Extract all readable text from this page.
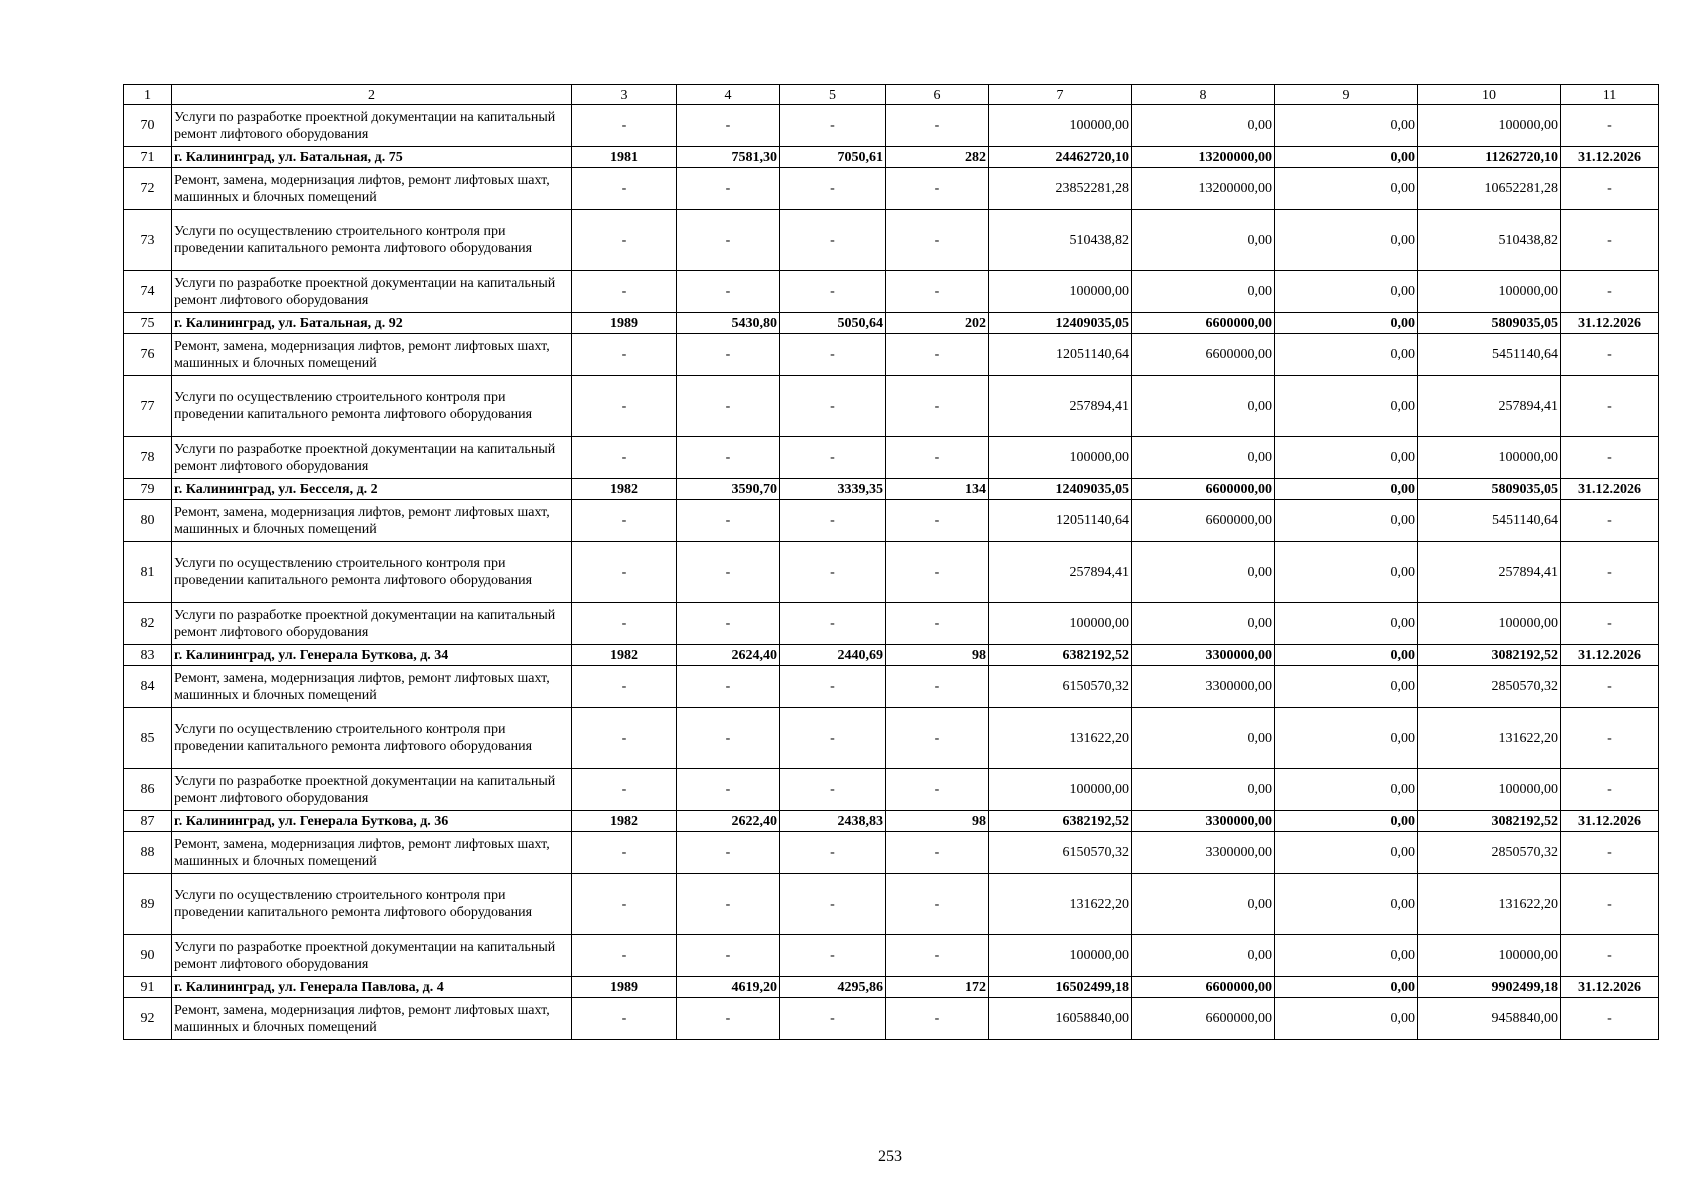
1	2	3	4	5	6	7	8	9	10	11
70	Услуги по разработке проектной документации на капитальный ремонт лифтового оборудования	-	-	-	-	100000,00	0,00	0,00	100000,00	-
71	г. Калининград, ул. Батальная, д. 75	1981	7581,30	7050,61	282	24462720,10	13200000,00	0,00	11262720,10	31.12.2026
72	Ремонт, замена, модернизация лифтов, ремонт лифтовых шахт, машинных и блочных помещений	-	-	-	-	23852281,28	13200000,00	0,00	10652281,28	-
73	Услуги по осуществлению строительного контроля при проведении капитального ремонта лифтового оборудования	-	-	-	-	510438,82	0,00	0,00	510438,82	-
74	Услуги по разработке проектной документации на капитальный ремонт лифтового оборудования	-	-	-	-	100000,00	0,00	0,00	100000,00	-
75	г. Калининград, ул. Батальная, д. 92	1989	5430,80	5050,64	202	12409035,05	6600000,00	0,00	5809035,05	31.12.2026
76	Ремонт, замена, модернизация лифтов, ремонт лифтовых шахт, машинных и блочных помещений	-	-	-	-	12051140,64	6600000,00	0,00	5451140,64	-
77	Услуги по осуществлению строительного контроля при проведении капитального ремонта лифтового оборудования	-	-	-	-	257894,41	0,00	0,00	257894,41	-
78	Услуги по разработке проектной документации на капитальный ремонт лифтового оборудования	-	-	-	-	100000,00	0,00	0,00	100000,00	-
79	г. Калининград, ул. Бесселя, д. 2	1982	3590,70	3339,35	134	12409035,05	6600000,00	0,00	5809035,05	31.12.2026
80	Ремонт, замена, модернизация лифтов, ремонт лифтовых шахт, машинных и блочных помещений	-	-	-	-	12051140,64	6600000,00	0,00	5451140,64	-
81	Услуги по осуществлению строительного контроля при проведении капитального ремонта лифтового оборудования	-	-	-	-	257894,41	0,00	0,00	257894,41	-
82	Услуги по разработке проектной документации на капитальный ремонт лифтового оборудования	-	-	-	-	100000,00	0,00	0,00	100000,00	-
83	г. Калининград, ул. Генерала Буткова, д. 34	1982	2624,40	2440,69	98	6382192,52	3300000,00	0,00	3082192,52	31.12.2026
84	Ремонт, замена, модернизация лифтов, ремонт лифтовых шахт, машинных и блочных помещений	-	-	-	-	6150570,32	3300000,00	0,00	2850570,32	-
85	Услуги по осуществлению строительного контроля при проведении капитального ремонта лифтового оборудования	-	-	-	-	131622,20	0,00	0,00	131622,20	-
86	Услуги по разработке проектной документации на капитальный ремонт лифтового оборудования	-	-	-	-	100000,00	0,00	0,00	100000,00	-
87	г. Калининград, ул. Генерала Буткова, д. 36	1982	2622,40	2438,83	98	6382192,52	3300000,00	0,00	3082192,52	31.12.2026
88	Ремонт, замена, модернизация лифтов, ремонт лифтовых шахт, машинных и блочных помещений	-	-	-	-	6150570,32	3300000,00	0,00	2850570,32	-
89	Услуги по осуществлению строительного контроля при проведении капитального ремонта лифтового оборудования	-	-	-	-	131622,20	0,00	0,00	131622,20	-
90	Услуги по разработке проектной документации на капитальный ремонт лифтового оборудования	-	-	-	-	100000,00	0,00	0,00	100000,00	-
91	г. Калининград, ул. Генерала Павлова, д. 4	1989	4619,20	4295,86	172	16502499,18	6600000,00	0,00	9902499,18	31.12.2026
92	Ремонт, замена, модернизация лифтов, ремонт лифтовых шахт, машинных и блочных помещений	-	-	-	-	16058840,00	6600000,00	0,00	9458840,00	-
253
